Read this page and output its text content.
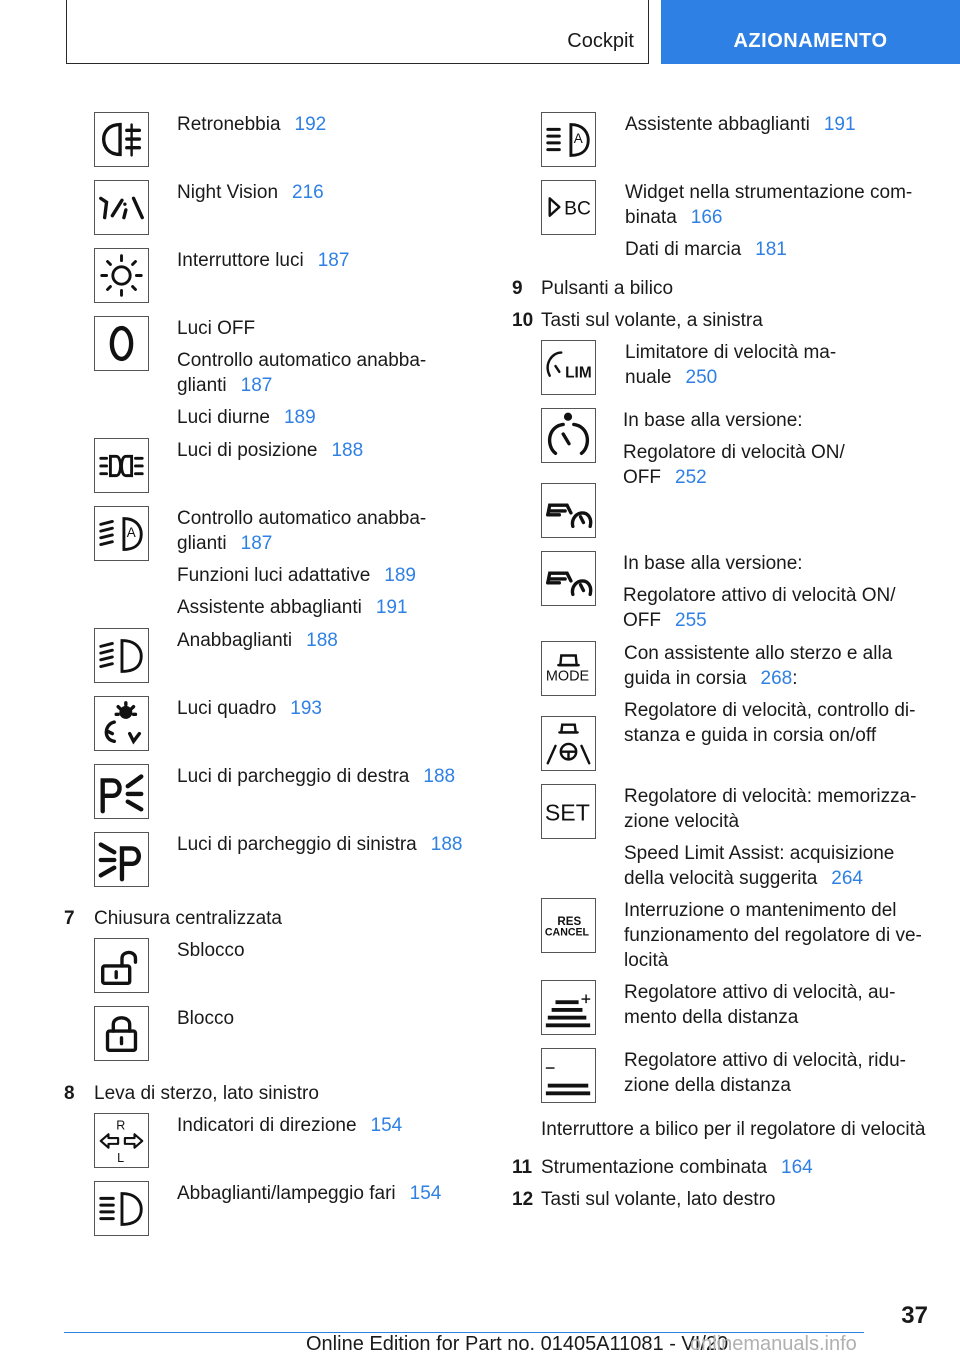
Cockpit	AZIONAMENTO
Retronebbia 192
Night Vision 216
Interruttore luci 187
Luci OFF
Controllo automatico anabba-
glianti 187
Luci diurne 189
Luci di posizione 188
A
Controllo automatico anabba-
glianti 187
Funzioni luci adattative 189
Assistente abbaglianti 191
Anabbaglianti 188
Luci quadro 193
Luci di parcheggio di destra 188
Luci di parcheggio di sinistra 188
7 Chiusura centralizzata
Sblocco
Blocco
8 Leva di sterzo, lato sinistro
R
L
Indicatori di direzione 154
Abbaglianti/lampeggio fari 154
A
Assistente abbaglianti 191
BC
Widget nella strumentazione com-
binata 166
Dati di marcia 181
9 Pulsanti a bilico
10 Tasti sul volante, a sinistra
LIM
Limitatore di velocità ma-
nuale 250
In base alla versione:
Regolatore di velocità ON/
OFF 252
In base alla versione:
Regolatore attivo di velocità ON/
OFF 255
MODE
Con assistente allo sterzo e alla
guida in corsia 268:
Regolatore di velocità, controllo di-
stanza e guida in corsia on/off
SET
Regolatore di velocità: memorizza-
zione velocità
Speed Limit Assist: acquisizione
della velocità suggerita 264
RES
CANCEL
Interruzione o mantenimento del
funzionamento del regolatore di ve-
locità
Regolatore attivo di velocità, au-
mento della distanza
Regolatore attivo di velocità, ridu-
zione della distanza
Interruttore a bilico per il regolatore di velocità
11 Strumentazione combinata 164
12 Tasti sul volante, lato destro
37
Online Edition for Part no. 01405A11081 - VI/20
onlinemanuals.info
